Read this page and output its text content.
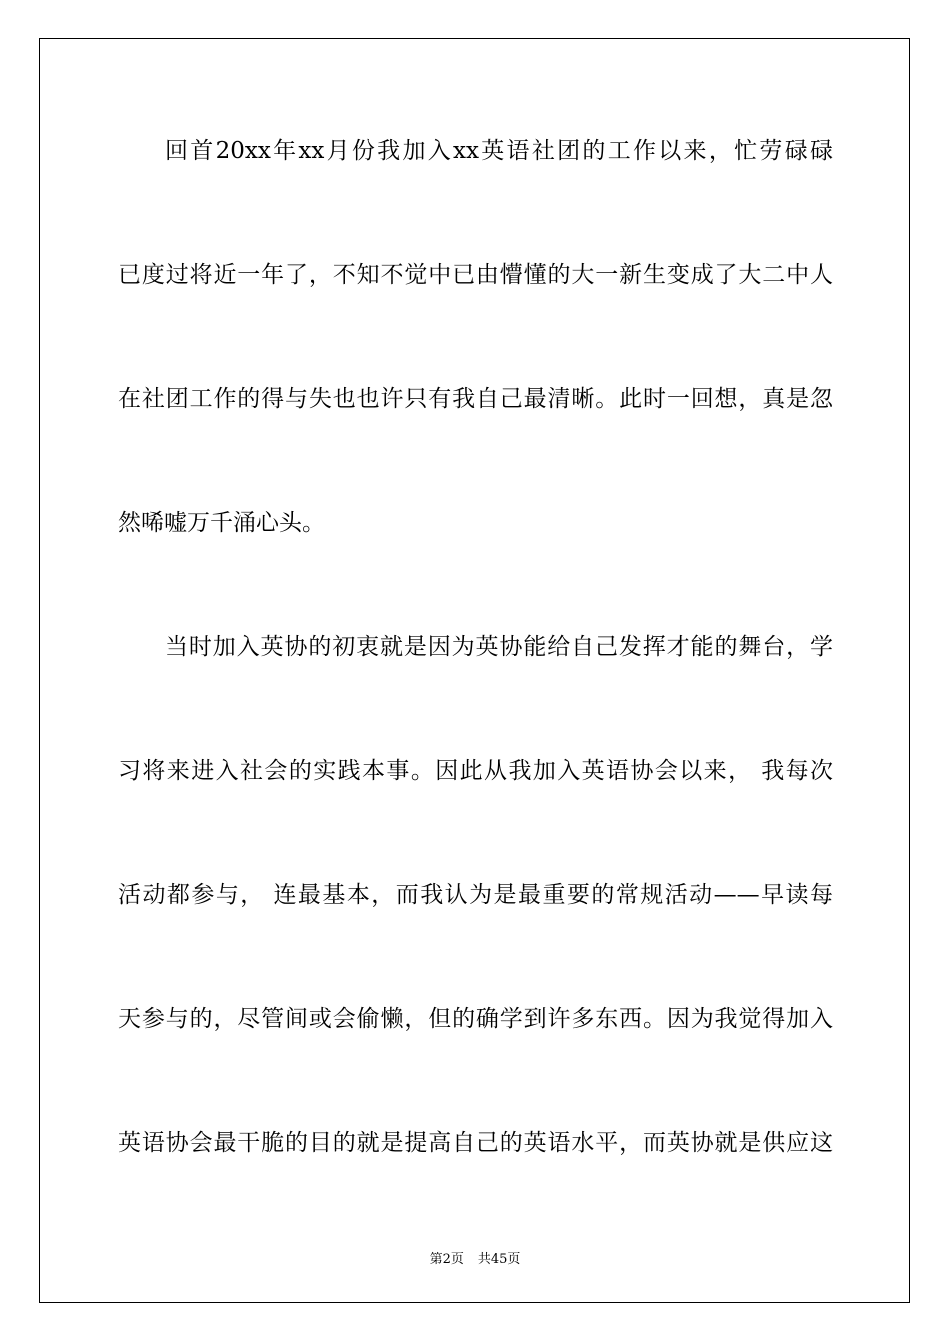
回首20xx年xx月份我加入xx英语社团的工作以来，忙劳碌碌

已度过将近一年了，不知不觉中已由懵懂的大一新生变成了大二中人

在社团工作的得与失也也许只有我自己最清晰。此时一回想，真是忽

然唏嘘万千涌心头。

当时加入英协的初衷就是因为英协能给自己发挥才能的舞台，学

习将来进入社会的实践本事。因此从我加入英语协会以来， 我每次

活动都参与， 连最基本，而我认为是最重要的常规活动——早读每

天参与的，尽管间或会偷懒，但的确学到许多东西。因为我觉得加入

英语协会最干脆的目的就是提高自己的英语水平，而英协就是供应这

第2页 共45页
